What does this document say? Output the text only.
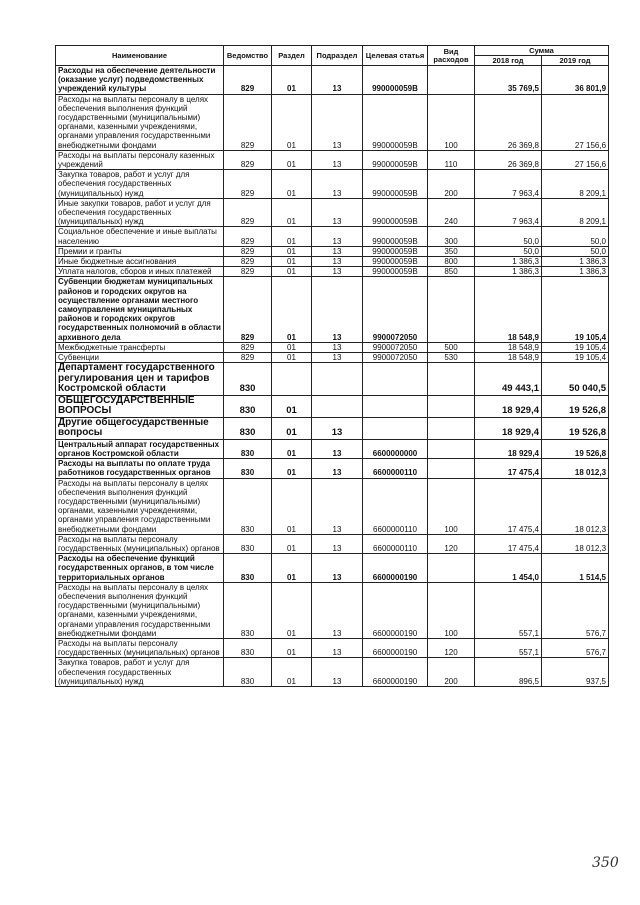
Наименование	Ведомство	Раздел	Подраздел	Целевая статья	Вид расходов	Сумма	
						2018 год	2019 год
Расходы на обеспечение деятельности (оказание услуг) подведомственных учреждений культуры	829	01	13	990000059В		35 769,5	36 801,9
Расходы на выплаты персоналу в целях обеспечения выполнения функций государственными (муниципальными) органами, казенными учреждениями, органами управления государственными внебюджетными фондами	829	01	13	990000059В	100	26 369,8	27 156,6
Расходы на выплаты персоналу казенных учреждений	829	01	13	990000059В	110	26 369,8	27 156,6
Закупка товаров, работ и услуг для обеспечения государственных (муниципальных) нужд	829	01	13	990000059В	200	7 963,4	8 209,1
Иные закупки товаров, работ и услуг для обеспечения государственных (муниципальных) нужд	829	01	13	990000059В	240	7 963,4	8 209,1
Социальное обеспечение и иные выплаты населению	829	01	13	990000059В	300	50,0	50,0
Премии и гранты	829	01	13	990000059В	350	50,0	50,0
Иные бюджетные ассигнования	829	01	13	990000059В	800	1 386,3	1 386,3
Уплата налогов, сборов и иных платежей	829	01	13	990000059В	850	1 386,3	1 386,3
Субвенции бюджетам муниципальных районов и городских округов на осуществление органами местного самоуправления муниципальных районов и городских округов государственных полномочий в области архивного дела	829	01	13	9900072050		18 548,9	19 105,4
Межбюджетные трансферты	829	01	13	9900072050	500	18 548,9	19 105,4
Субвенции	829	01	13	9900072050	530	18 548,9	19 105,4
Департамент государственного регулирования цен и тарифов Костромской области	830					49 443,1	50 040,5
ОБЩЕГОСУДАРСТВЕННЫЕ ВОПРОСЫ	830	01				18 929,4	19 526,8
Другие общегосударственные вопросы	830	01	13			18 929,4	19 526,8
Центральный аппарат государственных органов Костромской области	830	01	13	6600000000		18 929,4	19 526,8
Расходы на выплаты по оплате труда работников государственных органов	830	01	13	6600000110		17 475,4	18 012,3
Расходы на выплаты персоналу в целях обеспечения выполнения функций государственными (муниципальными) органами, казенными учреждениями, органами управления государственными внебюджетными фондами	830	01	13	6600000110	100	17 475,4	18 012,3
Расходы на выплаты персоналу государственных (муниципальных) органов	830	01	13	6600000110	120	17 475,4	18 012,3
Расходы на обеспечение функций государственных органов, в том числе территориальных органов	830	01	13	6600000190		1 454,0	1 514,5
Расходы на выплаты персоналу в целях обеспечения выполнения функций государственными (муниципальными) органами, казенными учреждениями, органами управления государственными внебюджетными фондами	830	01	13	6600000190	100	557,1	576,7
Расходы на выплаты персоналу государственных (муниципальных) органов	830	01	13	6600000190	120	557,1	576,7
Закупка товаров, работ и услуг для обеспечения государственных (муниципальных) нужд	830	01	13	6600000190	200	896,5	937,5
350
